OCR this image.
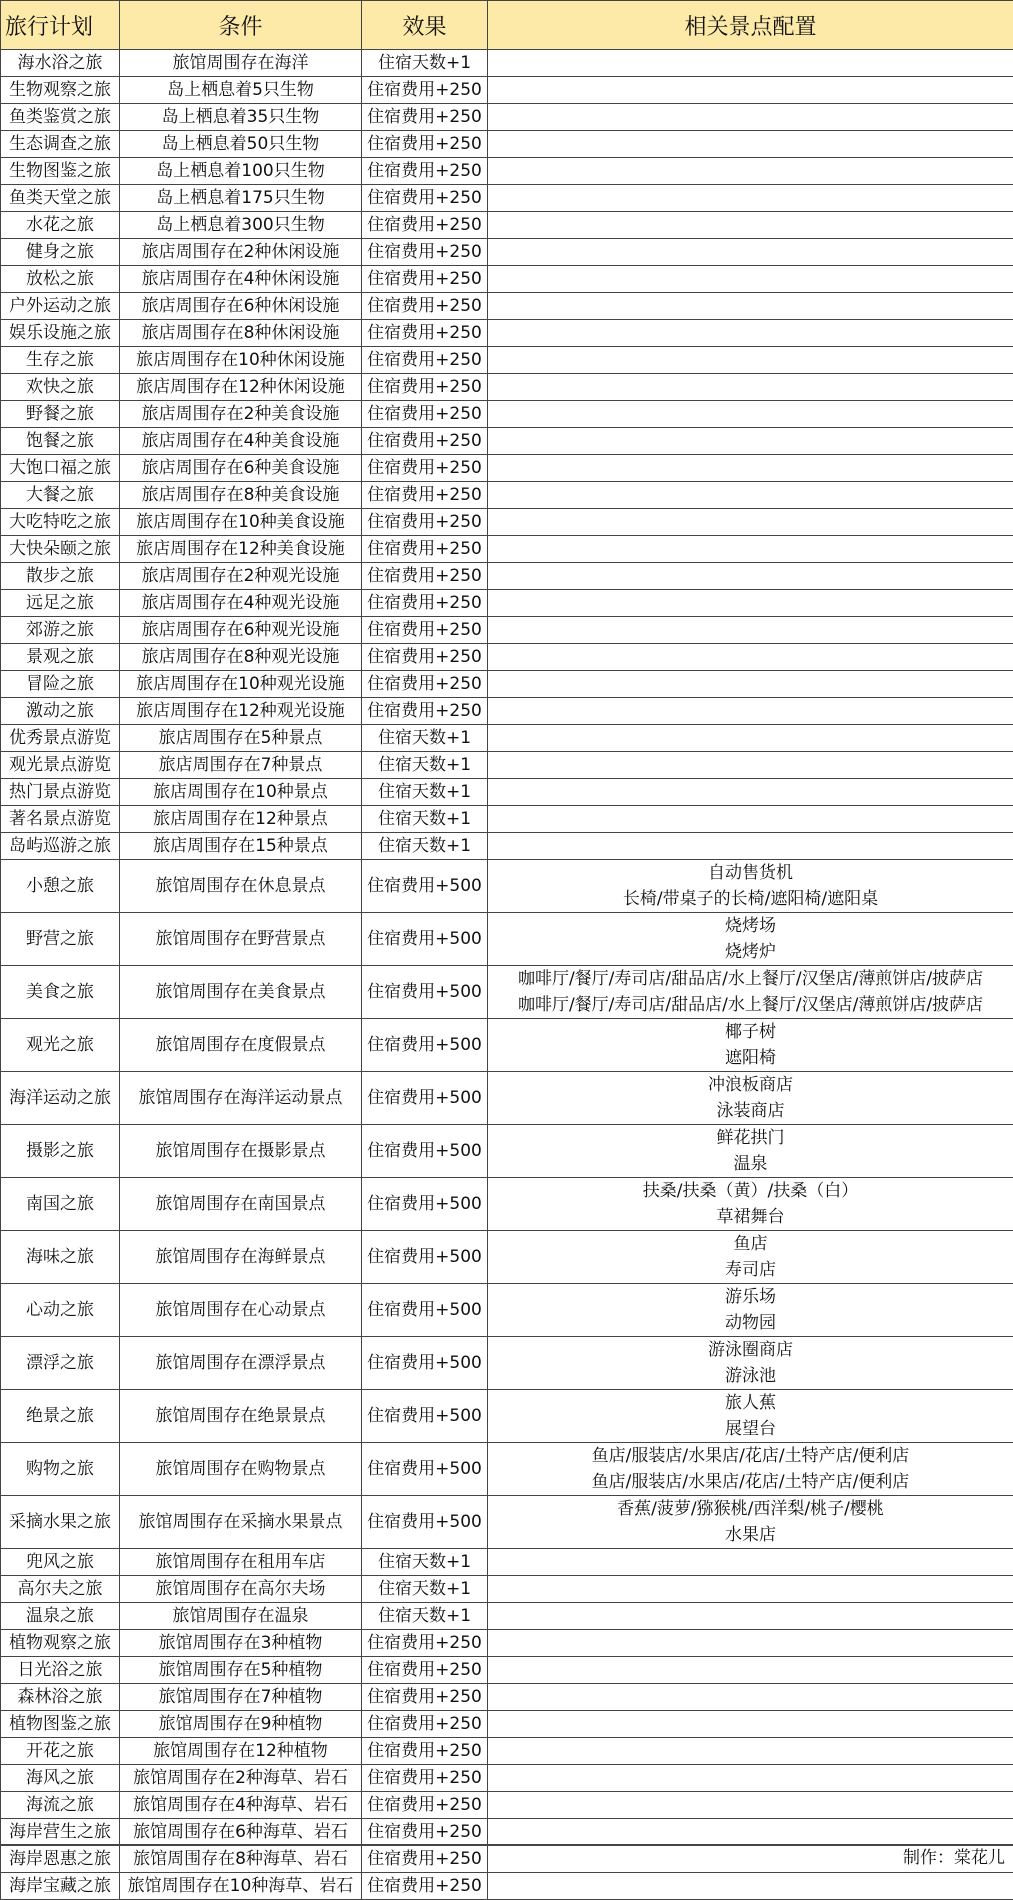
旅行计划	条件	效果	相关景点配置
海水浴之旅	旅馆周围存在海洋	住宿天数+1	
生物观察之旅	岛上栖息着5只生物	住宿费用+250	
鱼类鉴赏之旅	岛上栖息着35只生物	住宿费用+250	
生态调查之旅	岛上栖息着50只生物	住宿费用+250	
生物图鉴之旅	岛上栖息着100只生物	住宿费用+250	
鱼类天堂之旅	岛上栖息着175只生物	住宿费用+250	
水花之旅	岛上栖息着300只生物	住宿费用+250	
健身之旅	旅店周围存在2种休闲设施	住宿费用+250	
放松之旅	旅店周围存在4种休闲设施	住宿费用+250	
户外运动之旅	旅店周围存在6种休闲设施	住宿费用+250	
娱乐设施之旅	旅店周围存在8种休闲设施	住宿费用+250	
生存之旅	旅店周围存在10种休闲设施	住宿费用+250	
欢快之旅	旅店周围存在12种休闲设施	住宿费用+250	
野餐之旅	旅店周围存在2种美食设施	住宿费用+250	
饱餐之旅	旅店周围存在4种美食设施	住宿费用+250	
大饱口福之旅	旅店周围存在6种美食设施	住宿费用+250	
大餐之旅	旅店周围存在8种美食设施	住宿费用+250	
大吃特吃之旅	旅店周围存在10种美食设施	住宿费用+250	
大快朵颐之旅	旅店周围存在12种美食设施	住宿费用+250	
散步之旅	旅店周围存在2种观光设施	住宿费用+250	
远足之旅	旅店周围存在4种观光设施	住宿费用+250	
郊游之旅	旅店周围存在6种观光设施	住宿费用+250	
景观之旅	旅店周围存在8种观光设施	住宿费用+250	
冒险之旅	旅店周围存在10种观光设施	住宿费用+250	
激动之旅	旅店周围存在12种观光设施	住宿费用+250	
优秀景点游览	旅店周围存在5种景点	住宿天数+1	
观光景点游览	旅店周围存在7种景点	住宿天数+1	
热门景点游览	旅店周围存在10种景点	住宿天数+1	
著名景点游览	旅店周围存在12种景点	住宿天数+1	
岛屿巡游之旅	旅店周围存在15种景点	住宿天数+1	
小憩之旅	旅馆周围存在休息景点	住宿费用+500	自动售货机
长椅/带桌子的长椅/遮阳椅/遮阳桌

野营之旅	旅馆周围存在野营景点	住宿费用+500	烧烤场
烧烤炉

美食之旅	旅馆周围存在美食景点	住宿费用+500	咖啡厅/餐厅/寿司店/甜品店/水上餐厅/汉堡店/薄煎饼店/披萨店
咖啡厅/餐厅/寿司店/甜品店/水上餐厅/汉堡店/薄煎饼店/披萨店

观光之旅	旅馆周围存在度假景点	住宿费用+500	椰子树
遮阳椅

海洋运动之旅	旅馆周围存在海洋运动景点	住宿费用+500	冲浪板商店
泳装商店

摄影之旅	旅馆周围存在摄影景点	住宿费用+500	鲜花拱门
温泉

南国之旅	旅馆周围存在南国景点	住宿费用+500	扶桑/扶桑（黄）/扶桑（白）
草裙舞台

海味之旅	旅馆周围存在海鲜景点	住宿费用+500	鱼店
寿司店

心动之旅	旅馆周围存在心动景点	住宿费用+500	游乐场
动物园

漂浮之旅	旅馆周围存在漂浮景点	住宿费用+500	游泳圈商店
游泳池

绝景之旅	旅馆周围存在绝景景点	住宿费用+500	旅人蕉
展望台

购物之旅	旅馆周围存在购物景点	住宿费用+500	鱼店/服装店/水果店/花店/土特产店/便利店
鱼店/服装店/水果店/花店/土特产店/便利店

采摘水果之旅	旅馆周围存在采摘水果景点	住宿费用+500	香蕉/菠萝/猕猴桃/西洋梨/桃子/樱桃
水果店

兜风之旅	旅馆周围存在租用车店	住宿天数+1	
高尔夫之旅	旅馆周围存在高尔夫场	住宿天数+1	
温泉之旅	旅馆周围存在温泉	住宿天数+1	
植物观察之旅	旅馆周围存在3种植物	住宿费用+250	
日光浴之旅	旅馆周围存在5种植物	住宿费用+250	
森林浴之旅	旅馆周围存在7种植物	住宿费用+250	
植物图鉴之旅	旅馆周围存在9种植物	住宿费用+250	
开花之旅	旅馆周围存在12种植物	住宿费用+250	
海风之旅	旅馆周围存在2种海草、岩石	住宿费用+250	
海流之旅	旅馆周围存在4种海草、岩石	住宿费用+250	
海岸营生之旅	旅馆周围存在6种海草、岩石	住宿费用+250	
海岸恩惠之旅	旅馆周围存在8种海草、岩石	住宿费用+250	
海岸宝藏之旅	旅馆周围存在10种海草、岩石	住宿费用+250	
制作：棠花儿
